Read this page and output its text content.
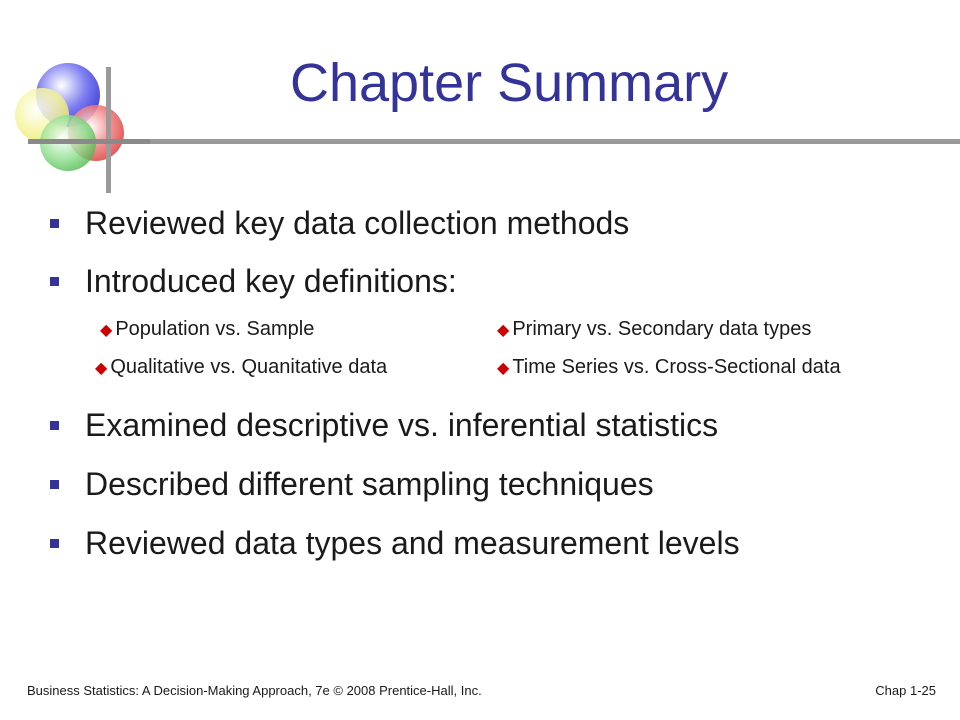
Chapter Summary
Reviewed key data collection methods
Introduced key definitions:
◆ Population vs. Sample	◆ Primary vs. Secondary data types
◆ Qualitative vs. Quanitative data	◆ Time Series vs. Cross-Sectional data
Examined descriptive vs. inferential statistics
Described different sampling techniques
Reviewed data types and measurement levels
Business Statistics: A Decision-Making Approach, 7e © 2008 Prentice-Hall, Inc.	Chap 1-25
